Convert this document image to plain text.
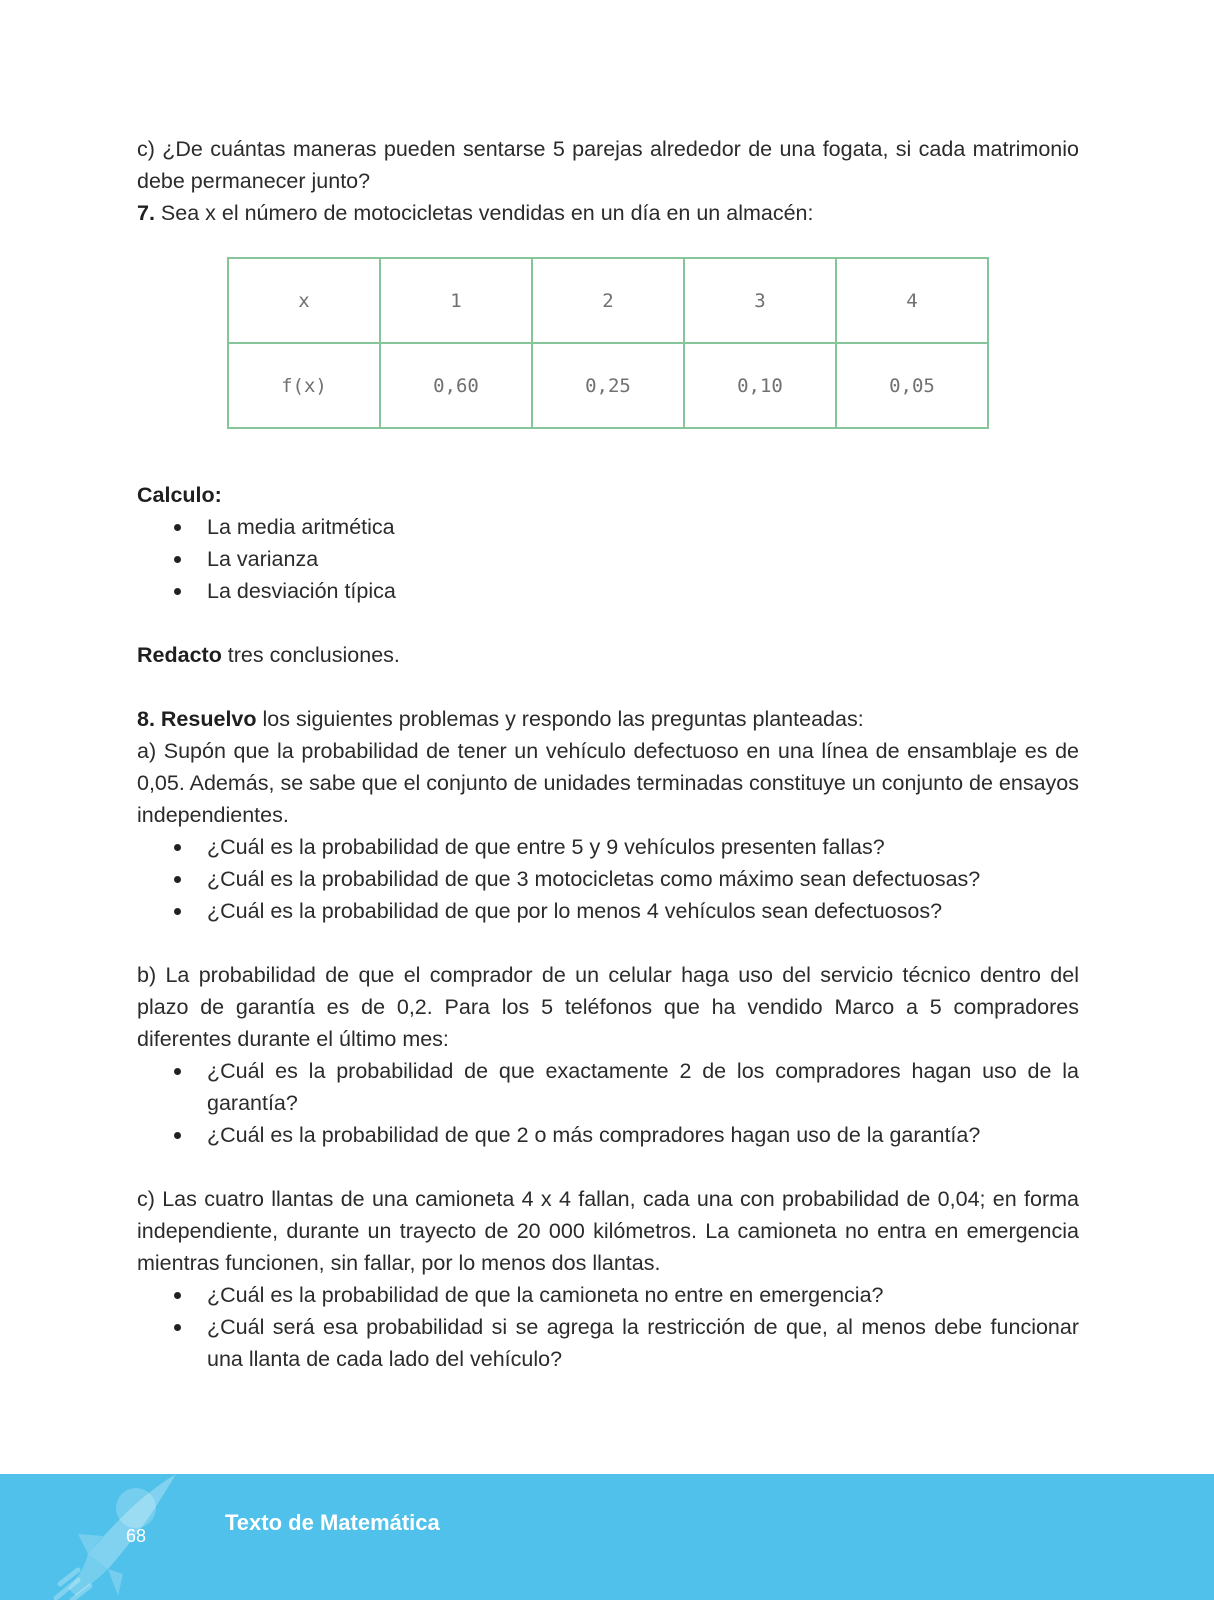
c) ¿De cuántas maneras pueden sentarse 5 parejas alrededor de una fogata, si cada matrimonio debe permanecer junto?

7. Sea x el número de motocicletas vendidas en un día en un almacén:

x	1	2	3	4
f(x)	0,60	0,25	0,10	0,05

Calculo:

La media aritmética
La varianza
La desviación típica

Redacto tres conclusiones.

8. Resuelvo los siguientes problemas y respondo las preguntas planteadas:

a) Supón que la probabilidad de tener un vehículo defectuoso en una línea de ensamblaje es de 0,05. Además, se sabe que el conjunto de unidades terminadas constituye un conjunto de ensayos independientes.

¿Cuál es la probabilidad de que entre 5 y 9 vehículos presenten fallas?
¿Cuál es la probabilidad de que 3 motocicletas como máximo sean defectuosas?
¿Cuál es la probabilidad de que por lo menos 4 vehículos sean defectuosos?

b) La probabilidad de que el comprador de un celular haga uso del servicio técnico dentro del plazo de garantía es de 0,2. Para los 5 teléfonos que ha vendido Marco a 5 compradores diferentes durante el último mes:

¿Cuál es la probabilidad de que exactamente 2 de los compradores hagan uso de la garantía?
¿Cuál es la probabilidad de que 2 o más compradores hagan uso de la garantía?

c) Las cuatro llantas de una camioneta 4 x 4 fallan, cada una con probabilidad de 0,04; en forma independiente, durante un trayecto de 20 000 kilómetros. La camioneta no entra en emergencia mientras funcionen, sin fallar, por lo menos dos llantas.

¿Cuál es la probabilidad de que la camioneta no entre en emergencia?
¿Cuál será esa probabilidad si se agrega la restricción de que, al menos debe funcionar una llanta de cada lado del vehículo?
68
Texto de Matemática
